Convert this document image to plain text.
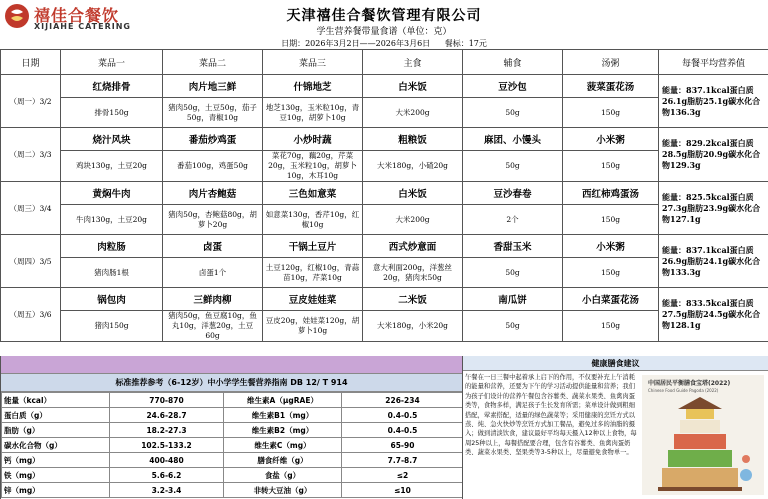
禧佳合餐饮
XIJIAHE CATERING
天津禧佳合餐饮管理有限公司
学生营养餐带量食谱（单位：克）
日期：2026年3月2日——2026年3月6日 餐标：17元
日期	菜品一	菜品二	菜品三	主食	辅食	汤粥	每餐平均营养值
（周一）3/2	红烧排骨	肉片地三鲜	什锦地芝	白米饭	豆沙包	菠菜蛋花汤	能量：837.1kcal蛋白质26.1g脂肪25.1g碳水化合物136.3g
	排骨150g	猪肉50g，土豆50g，茄子50g，青椒10g	地芝130g，玉米粒10g，青豆10g，胡萝卜10g	大米200g	50g	150g	
（周二）3/3	烧汁风块	番茄炒鸡蛋	小炒时蔬	粗粮饭	麻团、小馒头	小米粥	能量：829.2kcal蛋白质28.5g脂肪20.9g碳水化合物129.3g
	鸡块130g，土豆20g	番茄100g，鸡蛋50g	菜花70g，藕20g，芹菜20g，玉米粒10g，胡萝卜10g，木耳10g	大米180g，小碴20g	50g	150g	
（周三）3/4	黄焖牛肉	肉片杏鲍菇	三色如意菜	白米饭	豆沙春卷	西红柿鸡蛋汤	能量：825.5kcal蛋白质27.3g脂肪23.9g碳水化合物127.1g
	牛肉130g，土豆20g	猪肉50g，杏鲍菇80g，胡萝卜20g	如意菜130g，香芹10g，红椒10g	大米200g	2个	150g	
（周四）3/5	肉粒肠	卤蛋	干锅土豆片	西式炒意面	香甜玉米	小米粥	能量：837.1kcal蛋白质26.9g脂肪24.1g碳水化合物133.3g
	猪肉肠1根	卤蛋1个	土豆120g，红椒10g，青蒜苗10g，芹菜10g	意大利面200g，洋葱丝20g，猪肉末50g	50g	150g	
（周五）3/6	锅包肉	三鲜肉柳	豆皮娃娃菜	二米饭	南瓜饼	小白菜蛋花汤	能量：833.5kcal蛋白质27.5g脂肪24.5g碳水化合物128.1g
	猪肉150g	猪肉50g，鱼豆腐10g，鱼丸10g，洋葱20g，土豆60g	豆皮20g，娃娃菜120g，胡萝卜10g	大米180g，小米20g	50g	150g	
标准推荐参考（6-12岁）中小学学生餐营养指南 DB 12/ T 914
能量（kcal）	770-870	维生素A（μgRAE）	226-234
蛋白质（g）	24.6-28.7	维生素B1（mg）	0.4-0.5
脂肪（g）	18.2-27.3	维生素B2（mg）	0.4-0.5
碳水化合物（g）	102.5-133.2	维生素C（mg）	65-90
钙（mg）	400-480	膳食纤维（g）	7.7-8.7
铁（mg）	5.6-6.2	食盐（g）	≤2
锌（mg）	3.2-3.4	非转大豆油（g）	≤10
健康膳食建议
午餐在一日三餐中起着承上启下的作用，不仅要补充上午消耗的能量和营养，还要为下午的学习活动提供能量和营养；我们为孩子们设计的营养午餐包含谷薯类、蔬菜水果类、鱼禽肉蛋类等，食物多样，满足孩子生长发育所需；菜单设计做到粗细搭配，荤素搭配，适量的绿色蔬菜等；采用健康的烹饪方式以蒸、炖、急火快炒等烹饪方式加工餐品，避免过多的油脂的摄入；做到清淡饮食，建议最好平均每天摄入12种以上食物，每周25种以上，每餐搭配要合理，包含有谷薯类、鱼禽肉蛋奶类、蔬菜水果类、坚果类等3-5种以上，尽量避免食物单一。
中国居民平衡膳食宝塔(2022)
Chinese Food Guide Pagoda (2022)
